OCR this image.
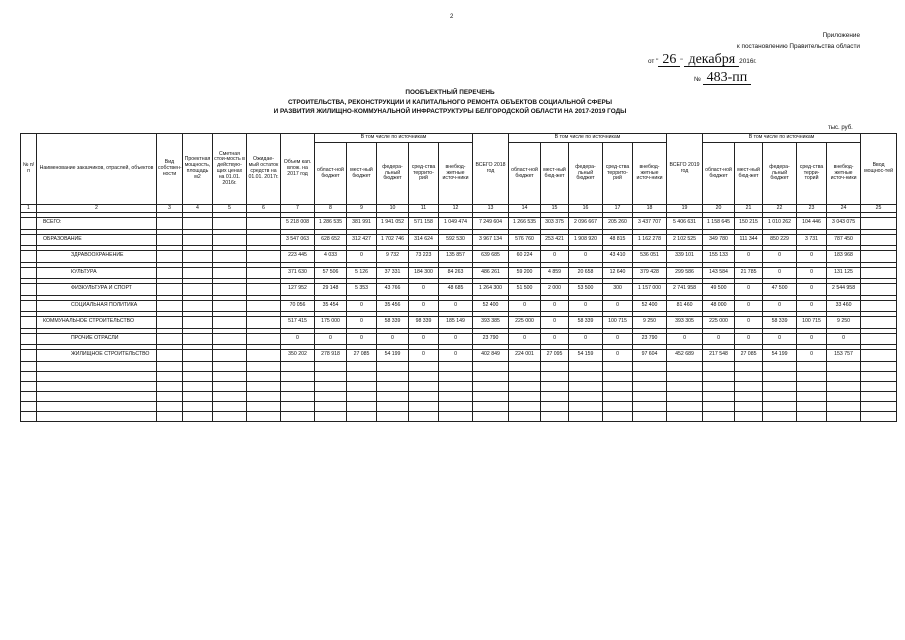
2
Приложение
к постановлению Правительства области
от " 26 " декабря 2016г.
№ 483-пп
ПООБЪЕКТНЫЙ ПЕРЕЧЕНЬ
СТРОИТЕЛЬСТВА, РЕКОНСТРУКЦИИ И КАПИТАЛЬНОГО РЕМОНТА ОБЪЕКТОВ СОЦИАЛЬНОЙ СФЕРЫ
И РАЗВИТИЯ ЖИЛИЩНО-КОММУНАЛЬНОЙ ИНФРАСТРУКТУРЫ БЕЛГОРОДСКОЙ ОБЛАСТИ НА 2017-2019 ГОДЫ
тыс. руб.
№ п/п	Наименование заказчиков, отраслей, объектов	Вид собствен-ности	Проектная мощность, площадь м2	Сметная стои-мость в действую-щих ценах на 01.01. 2016г.	Ожидае-мый остаток средств на 01.01. 2017г.	Объем кап. влож. на 2017 год	В том числе по источникам					ВСЕГО 2018 год	В том числе по источникам					ВСЕГО 2019 год	В том числе по источникам					Ввод мощнос-тей
							област-ной бюджет	мест-ный бюджет	федера-льный бюджет	сред-ства террито-рий	внебюд-жетные источ-ники		област-ной бюджет	мест-ный бюд-жет	федера-льный бюджет	сред-ства террито-рий	внебюд-жетные источ-ники		област-ной бюджет	мест-ный бюд-жет	федера-льный бюджет	сред-ства терри-торий	внебюд-жетные источ-ники	
1	2	3	4	5	6	7	8	9	10	11	12	13	14	15	16	17	18	19	20	21	22	23	24	25

	ВСЕГО:					5 218 008	1 286 535	381 991	1 941 052	571 158	1 049 474	7 249 604	1 266 535	303 375	2 096 667	205 260	3 437 707	5 406 631	1 158 645	150 215	1 010 262	104 446	3 043 075	

	ОБРАЗОВАНИЕ					3 547 063	628 652	312 427	1 702 746	314 624	592 530	3 967 134	576 760	253 421	1 908 920	48 815	1 162 278	2 102 525	349 780	111 344	850 229	3 731	787 450	

	ЗДРАВООХРАНЕНИЕ					223 445	4 033	0	9 732	73 223	135 857	639 685	60 224	0	0	43 410	536 051	339 101	155 133	0	0	0	183 968	

	КУЛЬТУРА					371 630	57 506	5 126	37 331	184 300	84 263	486 261	59 200	4 859	20 658	12 640	379 428	299 586	143 584	21 785	0	0	131 125	

	ФИЗКУЛЬТУРА И СПОРТ					127 952	29 148	5 353	43 766	0	48 685	1 264 300	51 500	2 000	53 500	300	1 157 000	2 741 958	49 500	0	47 500	0	2 544 958	

	СОЦИАЛЬНАЯ ПОЛИТИКА					70 056	35 454	0	35 456	0	0	52 400	0	0	0	0	52 400	81 460	48 000	0	0	0	33 460	

	КОММУНАЛЬНОЕ СТРОИТЕЛЬСТВО					517 415	175 000	0	58 339	98 339	185 149	393 385	225 000	0	58 339	100 715	9 250	393 305	225 000	0	58 339	100 715	9 250	

	ПРОЧИЕ ОТРАСЛИ					0	0	0	0	0	0	23 790	0	0	0	0	23 790	0	0	0	0	0	0	

	ЖИЛИЩНОЕ СТРОИТЕЛЬСТВО					350 202	278 918	27 085	54 199	0	0	402 849	224 001	27 095	54 159	0	97 604	452 689	217 548	27 085	54 199	0	153 757	
